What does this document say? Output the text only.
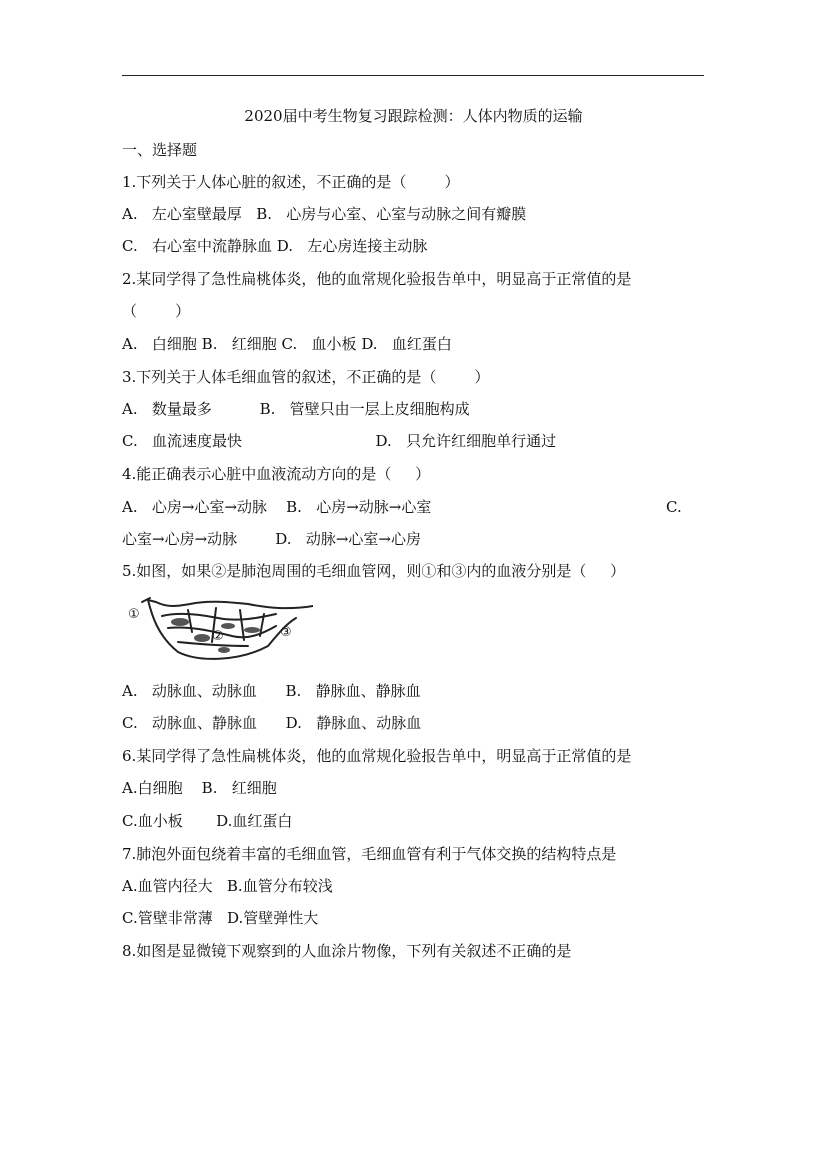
2020届中考生物复习跟踪检测：人体内物质的运输
一、选择题
1.下列关于人体心脏的叙述，不正确的是（        ）
A.   左心室壁最厚   B.   心房与心室、心室与动脉之间有瓣膜
C.   右心室中流静脉血 D.   左心房连接主动脉
2.某同学得了急性扁桃体炎，他的血常规化验报告单中，明显高于正常值的是
（        ）
A.   白细胞 B.   红细胞 C.   血小板 D.   血红蛋白
3.下列关于人体毛细血管的叙述，不正确的是（        ）
A.   数量最多          B.   管壁只由一层上皮细胞构成
C.   血流速度最快                            D.   只允许红细胞单行通过
4.能正确表示心脏中血液流动方向的是（     ）
A.   心房→心室→动脉    B.   心房→动脉→心室	C.
心室→心房→动脉        D.   动脉→心室→心房
5.如图，如果②是肺泡周围的毛细血管网，则①和③内的血液分别是（     ）
①
②	③
A.   动脉血、动脉血      B.   静脉血、静脉血
C.   动脉血、静脉血      D.   静脉血、动脉血
6.某同学得了急性扁桃体炎，他的血常规化验报告单中，明显高于正常值的是
A.白细胞    B.   红细胞
C.血小板       D.血红蛋白
7.肺泡外面包绕着丰富的毛细血管，毛细血管有利于气体交换的结构特点是
A.血管内径大   B.血管分布较浅
C.管壁非常薄   D.管壁弹性大
8.如图是显微镜下观察到的人血涂片物像，下列有关叙述不正确的是
